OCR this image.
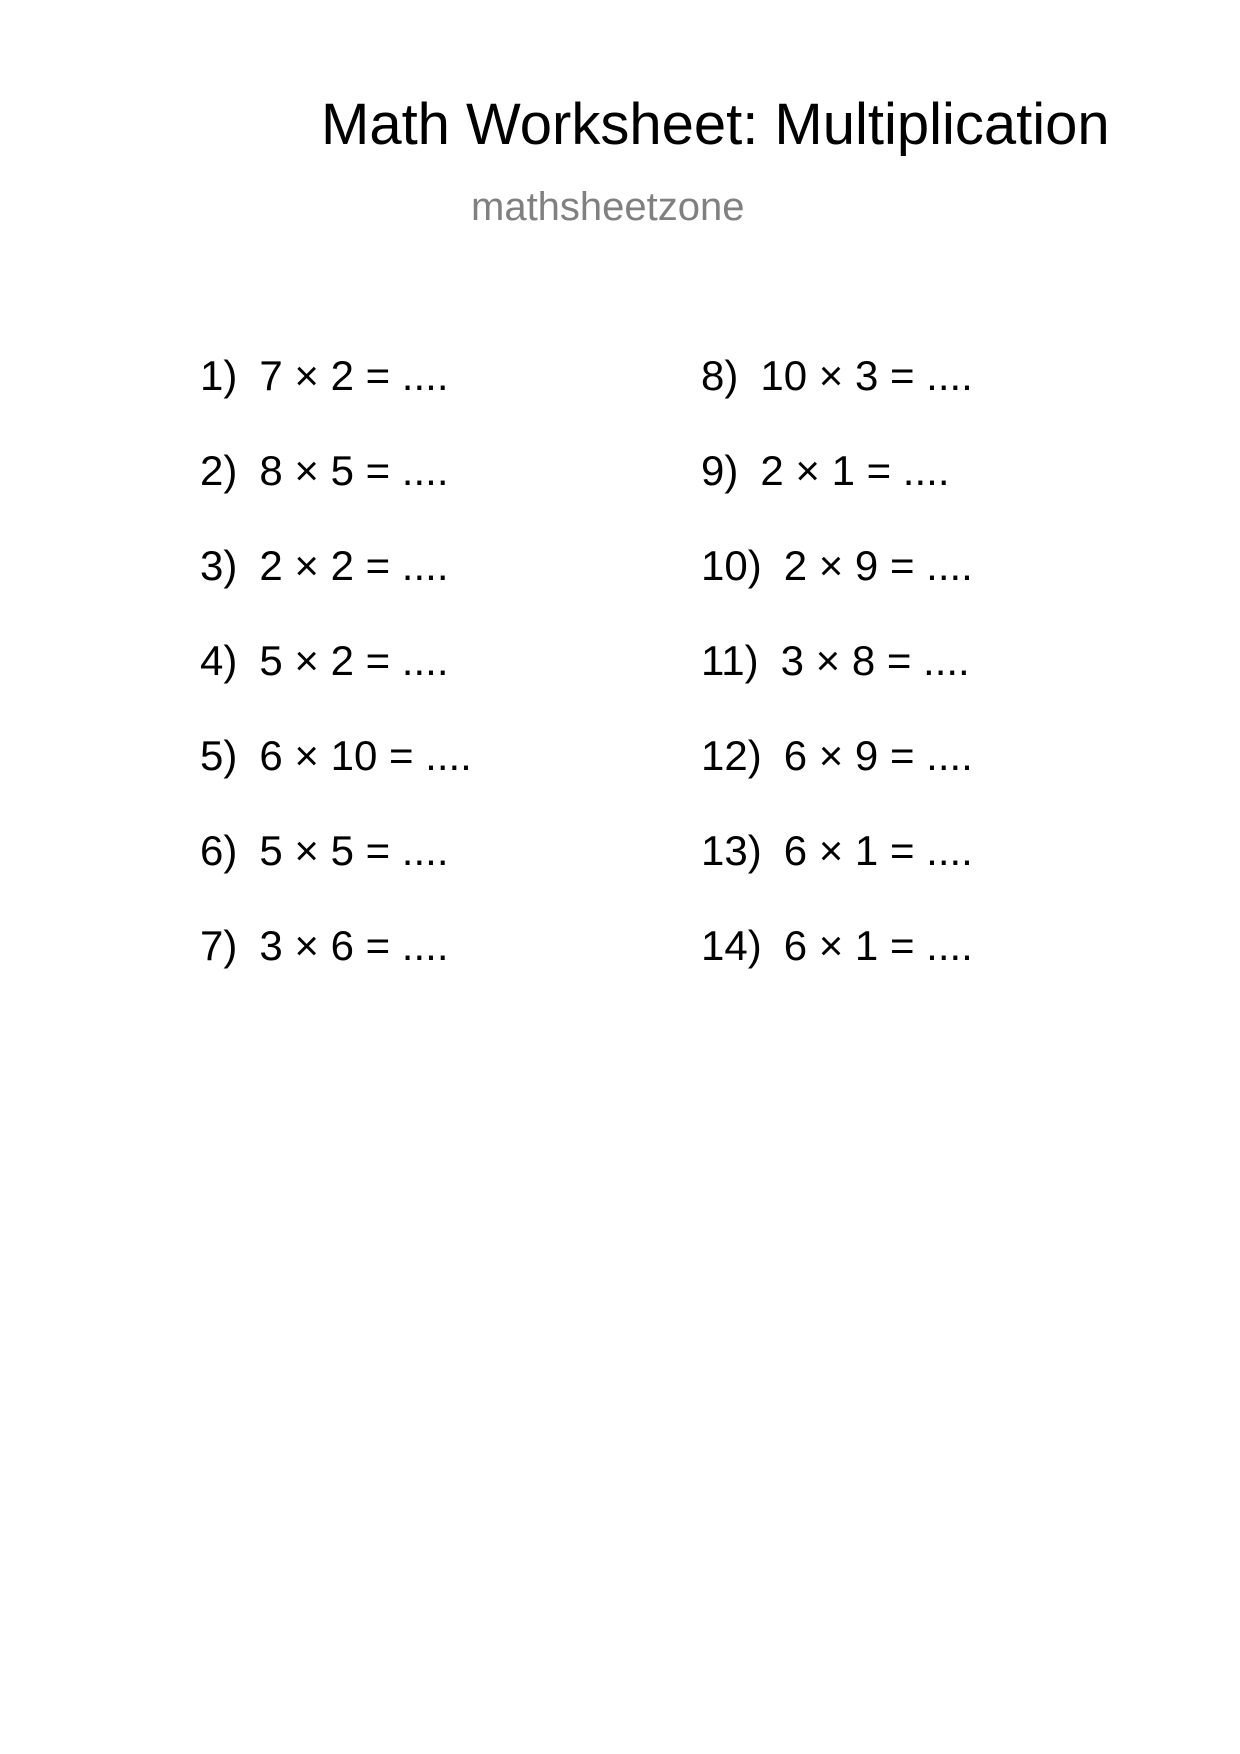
Math Worksheet: Multiplication
mathsheetzone
1) 7 × 2 = ....
2) 8 × 5 = ....
3) 2 × 2 = ....
4) 5 × 2 = ....
5) 6 × 10 = ....
6) 5 × 5 = ....
7) 3 × 6 = ....
8) 10 × 3 = ....
9) 2 × 1 = ....
10) 2 × 9 = ....
11) 3 × 8 = ....
12) 6 × 9 = ....
13) 6 × 1 = ....
14) 6 × 1 = ....
